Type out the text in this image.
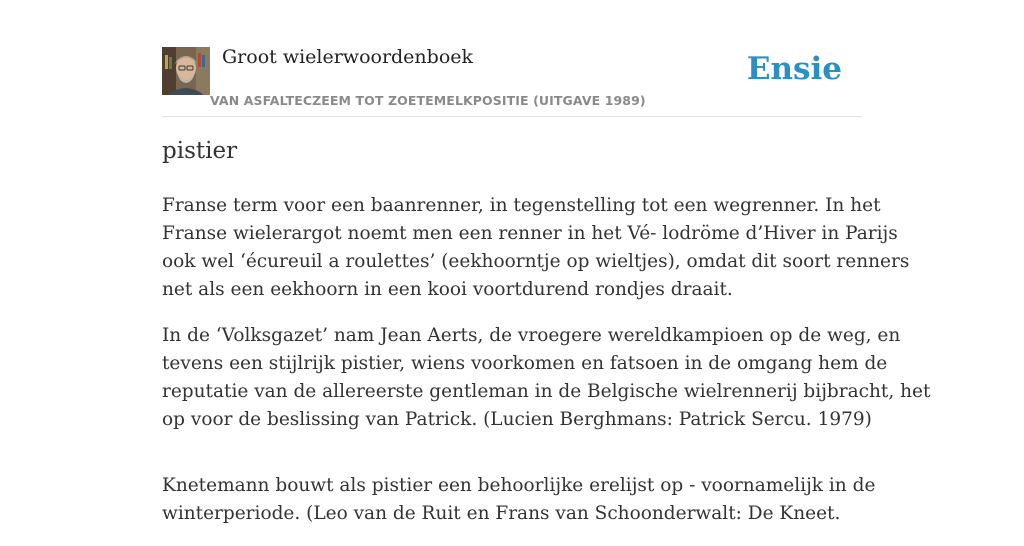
Groot wielerwoordenboek
VAN ASFALTECZEEM TOT ZOETEMELKPOSITIE (UITGAVE 1989)
Ensie
pistier

Franse term voor een baanrenner, in tegenstelling tot een wegrenner. In het
Franse wielerargot noemt men een renner in het Vé- lodröme d’Hiver in Parijs
ook wel ‘écureuil a roulettes’ (eekhoorntje op wieltjes), omdat dit soort renners
net als een eekhoorn in een kooi voortdurend rondjes draait.

In de ‘Volksgazet’ nam Jean Aerts, de vroegere wereldkampioen op de weg, en
tevens een stijlrijk pistier, wiens voorkomen en fatsoen in de omgang hem de
reputatie van de allereerste gentleman in de Belgische wielrennerij bijbracht, het
op voor de beslissing van Patrick. (Lucien Berghmans: Patrick Sercu. 1979)

Knetemann bouwt als pistier een behoorlijke erelijst op - voornamelijk in de
winterperiode. (Leo van de Ruit en Frans van Schoonderwalt: De Kneet.
